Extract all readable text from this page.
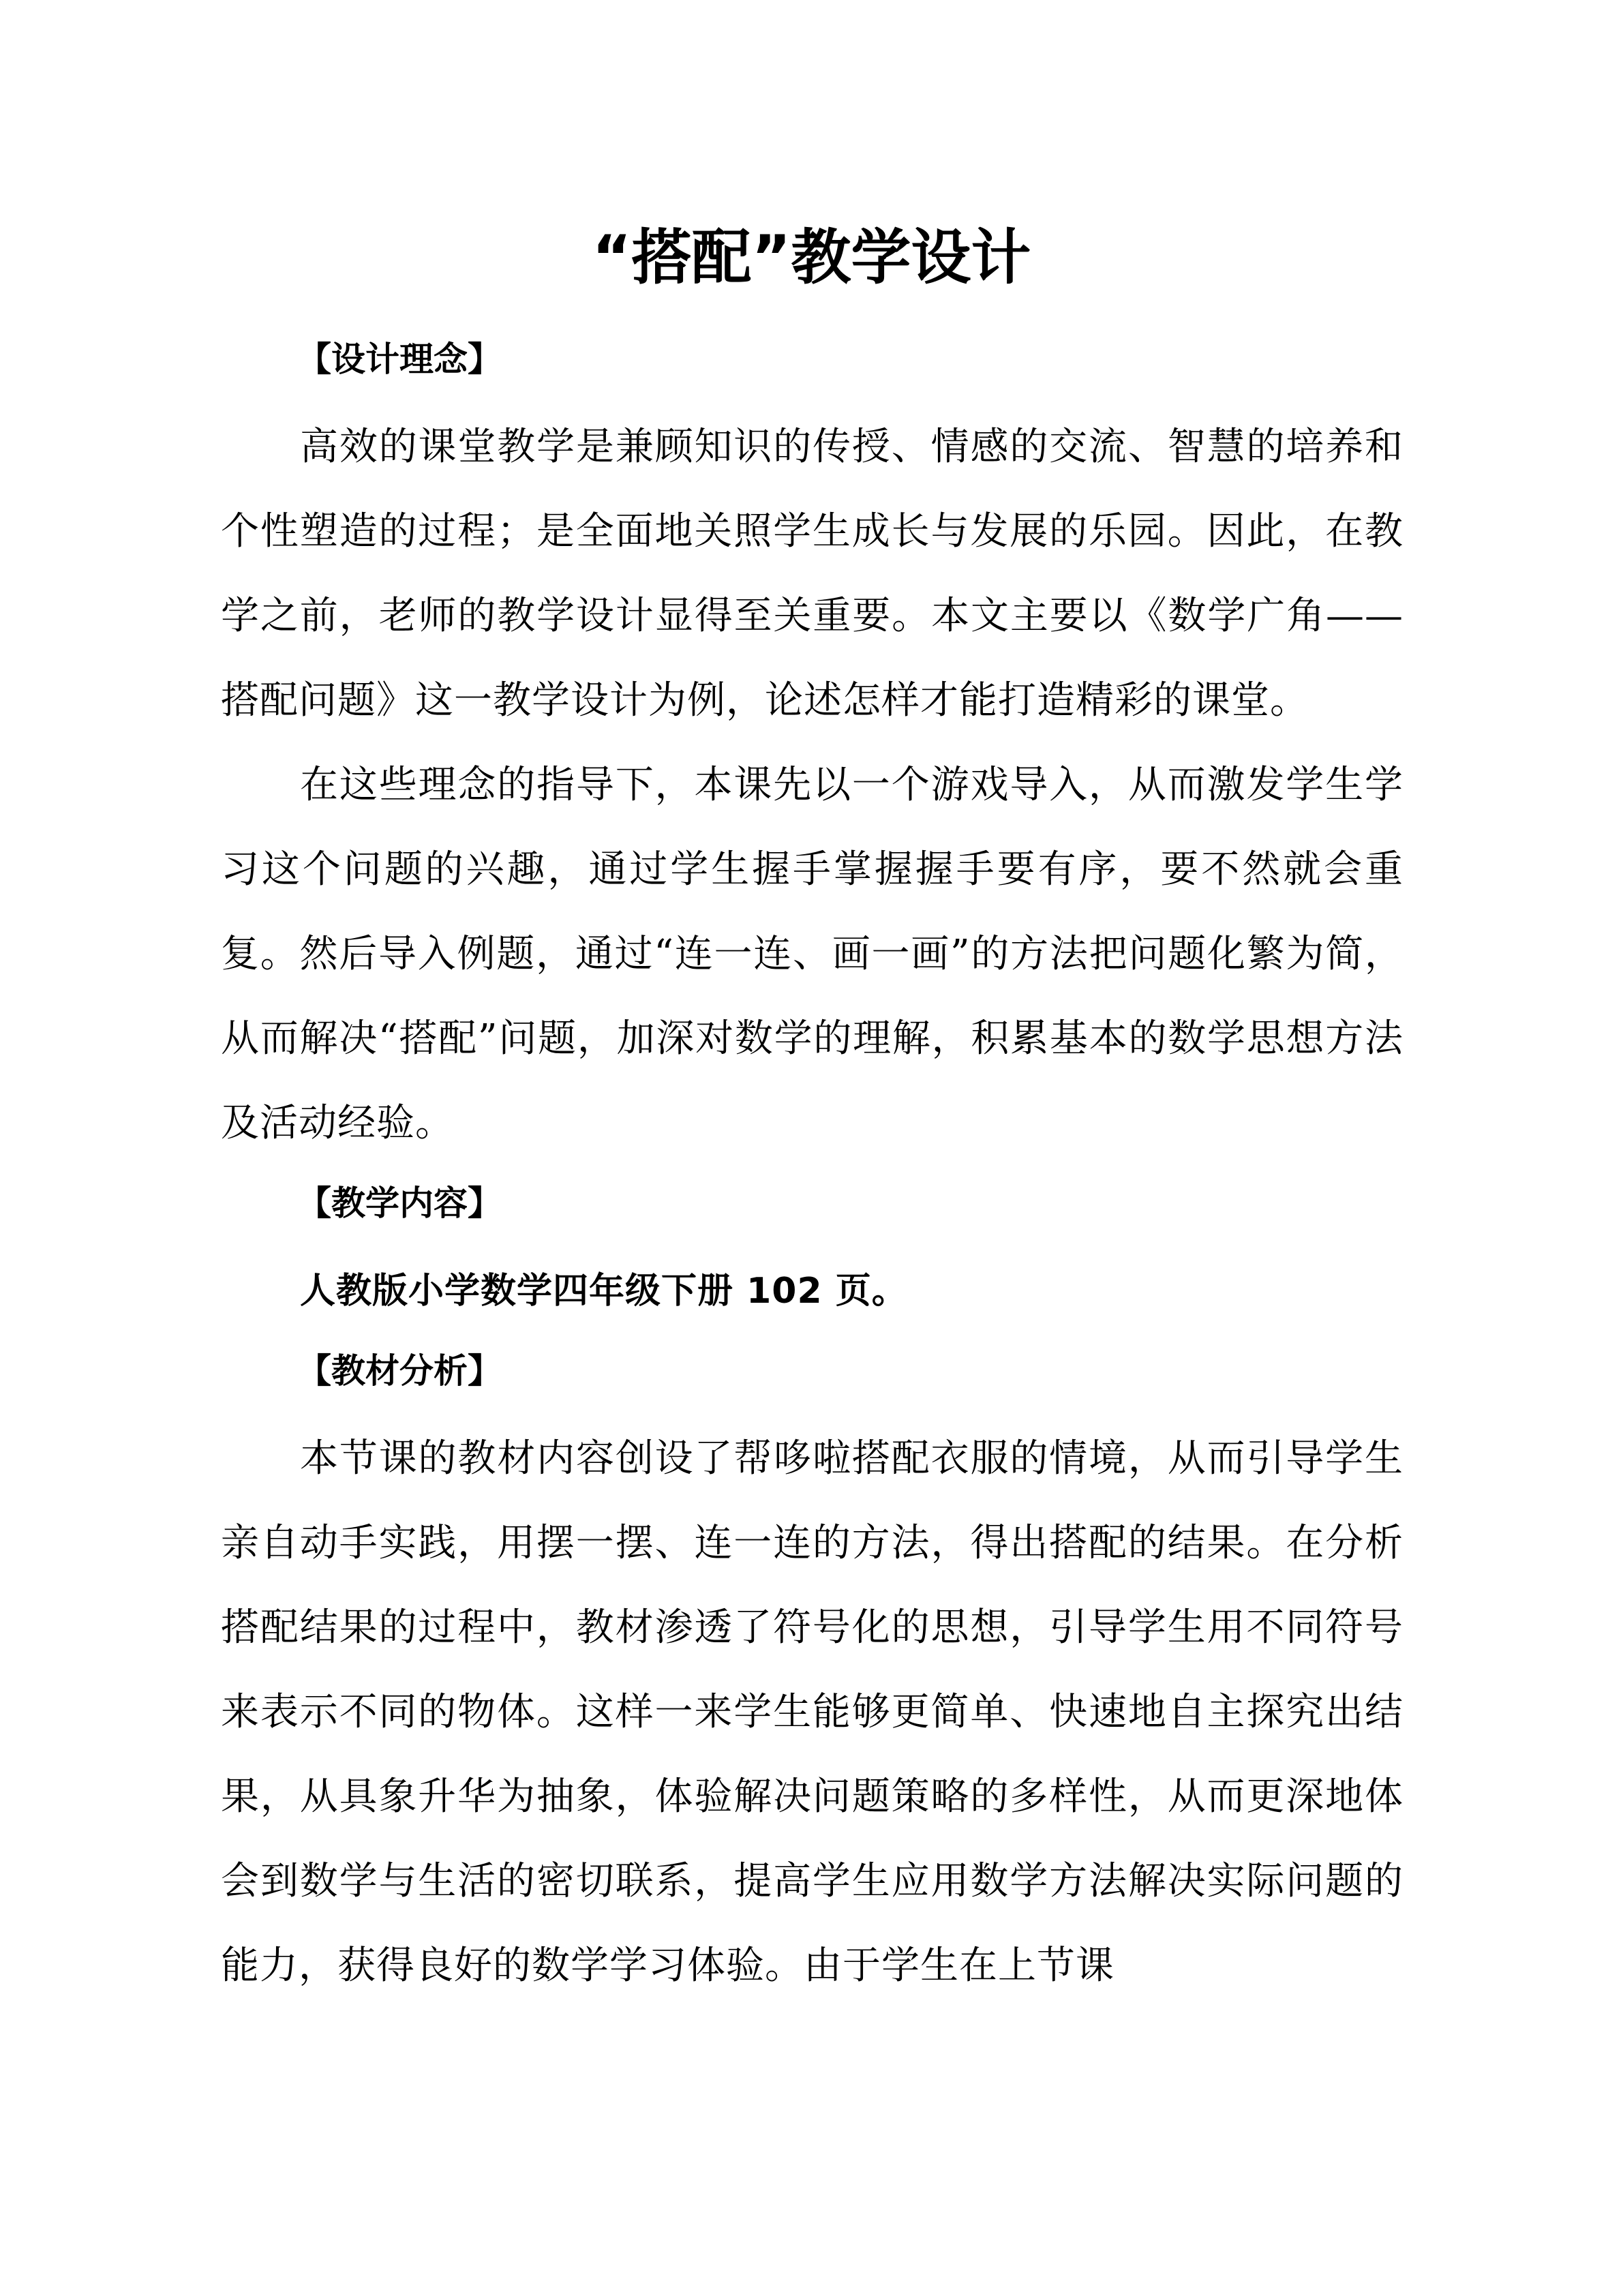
“搭配”教学设计
【设计理念】

高效的课堂教学是兼顾知识的传授、情感的交流、智慧的培养和个性塑造的过程；是全面地关照学生成长与发展的乐园。因此，在教学之前，老师的教学设计显得至关重要。本文主要以《数学广角——搭配问题》这一教学设计为例，论述怎样才能打造精彩的课堂。

在这些理念的指导下，本课先以一个游戏导入，从而激发学生学习这个问题的兴趣，通过学生握手掌握握手要有序，要不然就会重复。然后导入例题，通过“连一连、画一画”的方法把问题化繁为简，从而解决“搭配”问题，加深对数学的理解，积累基本的数学思想方法及活动经验。

【教学内容】

人教版小学数学四年级下册 102 页。

【教材分析】

本节课的教材内容创设了帮哆啦搭配衣服的情境，从而引导学生亲自动手实践，用摆一摆、连一连的方法，得出搭配的结果。在分析搭配结果的过程中，教材渗透了符号化的思想，引导学生用不同符号来表示不同的物体。这样一来学生能够更简单、快速地自主探究出结果，从具象升华为抽象，体验解决问题策略的多样性，从而更深地体会到数学与生活的密切联系，提高学生应用数学方法解决实际问题的能力，获得良好的数学学习体验。由于学生在上节课
